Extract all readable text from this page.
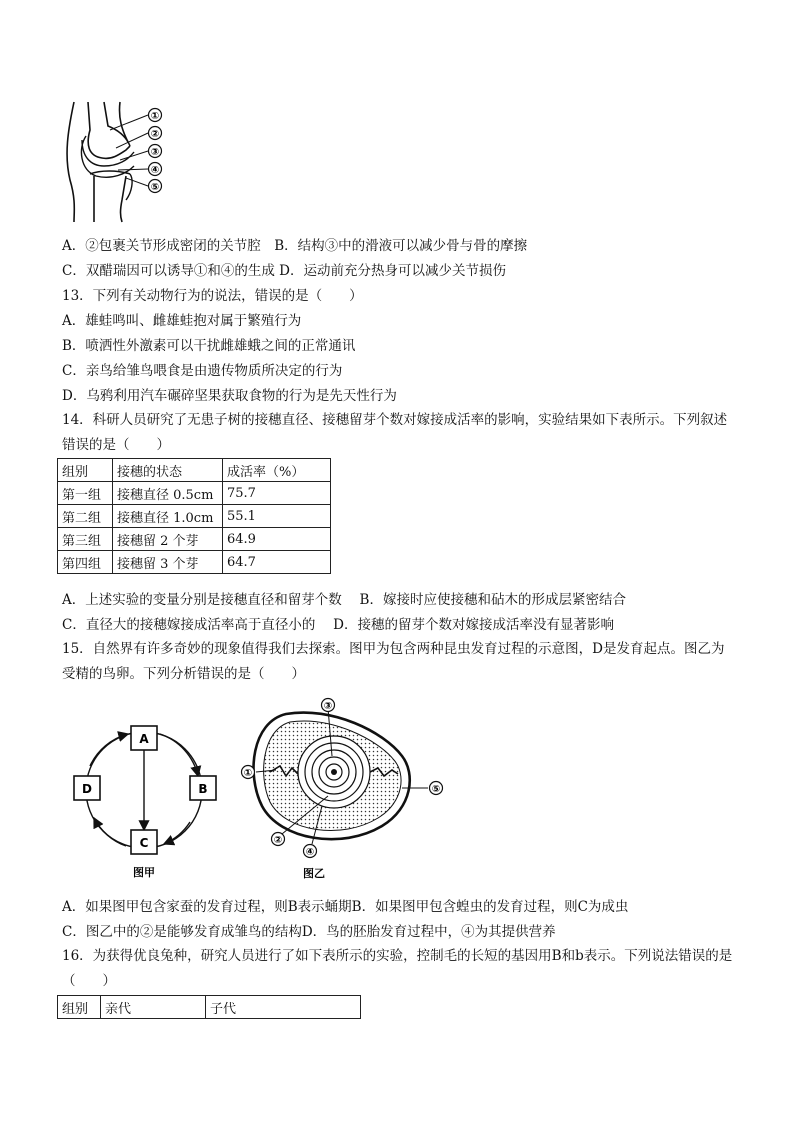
①
②
③
④
⑤
A．②包裹关节形成密闭的关节腔　B．结构③中的滑液可以减少骨与骨的摩擦
C．双醋瑞因可以诱导①和④的生成 D．运动前充分热身可以减少关节损伤
13．下列有关动物行为的说法，错误的是（　　）
A．雄蛙鸣叫、雌雄蛙抱对属于繁殖行为
B．喷洒性外激素可以干扰雌雄蛾之间的正常通讯
C．亲鸟给雏鸟喂食是由遗传物质所决定的行为
D．乌鸦利用汽车碾碎坚果获取食物的行为是先天性行为
14．科研人员研究了无患子树的接穗直径、接穗留芽个数对嫁接成活率的影响，实验结果如下表所示。下列叙述错误的是（　　）
组别	接穗的状态	成活率（%）
第一组	接穗直径 0.5cm	75.7
第二组	接穗直径 1.0cm	55.1
第三组	接穗留 2 个芽	64.9
第四组	接穗留 3 个芽	64.7
A．上述实验的变量分别是接穗直径和留芽个数　 B．嫁接时应使接穗和砧木的形成层紧密结合
C．直径大的接穗嫁接成活率高于直径小的　 D．接穗的留芽个数对嫁接成活率没有显著影响
15．自然界有许多奇妙的现象值得我们去探索。图甲为包含两种昆虫发育过程的示意图，D是发育起点。图乙为受精的鸟卵。下列分析错误的是（　　）
A
B
C
D
图甲
③
①
⑤
②
④
图乙
A．如果图甲包含家蚕的发育过程，则B表示蛹期B．如果图甲包含蝗虫的发育过程，则C为成虫
C．图乙中的②是能够发育成雏鸟的结构D．鸟的胚胎发育过程中，④为其提供营养
16．为获得优良兔种，研究人员进行了如下表所示的实验，控制毛的长短的基因用B和b表示。下列说法错误的是（　　）
组别	亲代	子代
